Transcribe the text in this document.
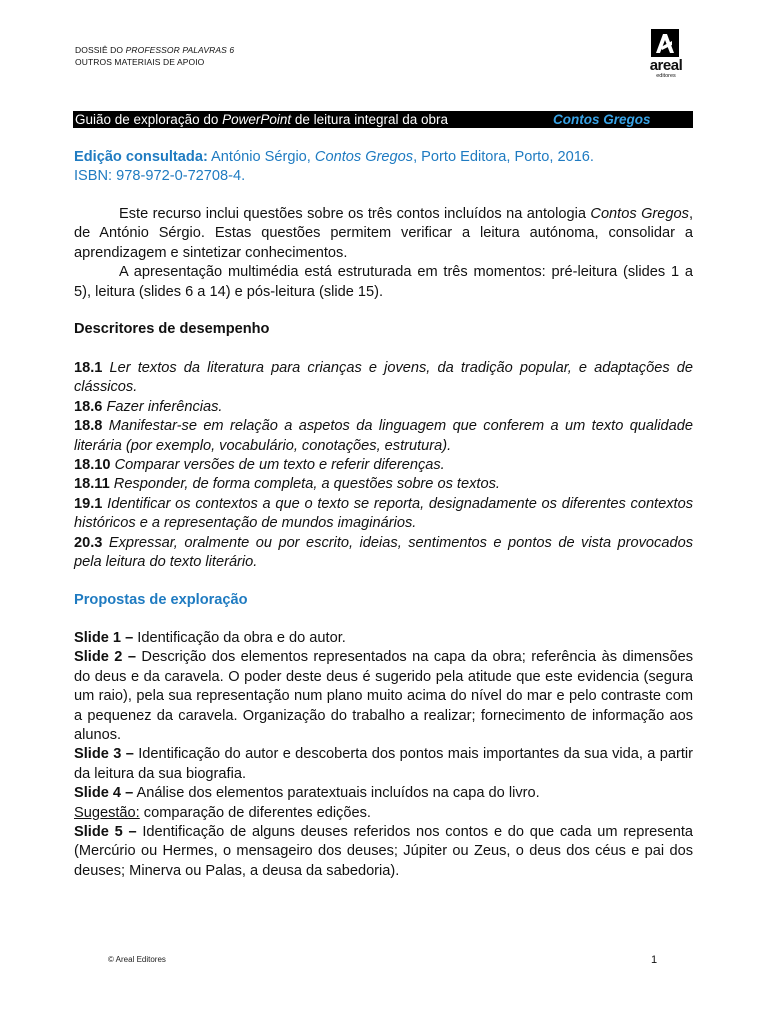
DOSSIÊ DO PROFESSOR PALAVRAS 6
OUTROS MATERIAIS DE APOIO	areal
editores
Guião de exploração do PowerPoint de leitura integral da obra	Contos Gregos
Edição consultada: António Sérgio, Contos Gregos, Porto Editora, Porto, 2016.
ISBN: 978-972-0-72708-4.
Este recurso inclui questões sobre os três contos incluídos na antologia Contos Gregos, de António Sérgio. Estas questões permitem verificar a leitura autónoma, consolidar a aprendizagem e sintetizar conhecimentos.
A apresentação multimédia está estruturada em três momentos: pré-leitura (slides 1 a 5), leitura (slides 6 a 14) e pós-leitura (slide 15).
Descritores de desempenho
18.1 Ler textos da literatura para crianças e jovens, da tradição popular, e adaptações de clássicos.
18.6 Fazer inferências.
18.8 Manifestar-se em relação a aspetos da linguagem que conferem a um texto qualidade literária (por exemplo, vocabulário, conotações, estrutura).
18.10 Comparar versões de um texto e referir diferenças.
18.11 Responder, de forma completa, a questões sobre os textos.
19.1 Identificar os contextos a que o texto se reporta, designadamente os diferentes contextos históricos e a representação de mundos imaginários.
20.3 Expressar, oralmente ou por escrito, ideias, sentimentos e pontos de vista provocados pela leitura do texto literário.
Propostas de exploração
Slide 1 – Identificação da obra e do autor.
Slide 2 – Descrição dos elementos representados na capa da obra; referência às dimensões do deus e da caravela. O poder deste deus é sugerido pela atitude que este evidencia (segura um raio), pela sua representação num plano muito acima do nível do mar e pelo contraste com a pequenez da caravela. Organização do trabalho a realizar; fornecimento de informação aos alunos.
Slide 3 – Identificação do autor e descoberta dos pontos mais importantes da sua vida, a partir da leitura da sua biografia.
Slide 4 – Análise dos elementos paratextuais incluídos na capa do livro.
Sugestão: comparação de diferentes edições.
Slide 5 – Identificação de alguns deuses referidos nos contos e do que cada um representa (Mercúrio ou Hermes, o mensageiro dos deuses; Júpiter ou Zeus, o deus dos céus e pai dos deuses; Minerva ou Palas, a deusa da sabedoria).
© Areal Editores	1
